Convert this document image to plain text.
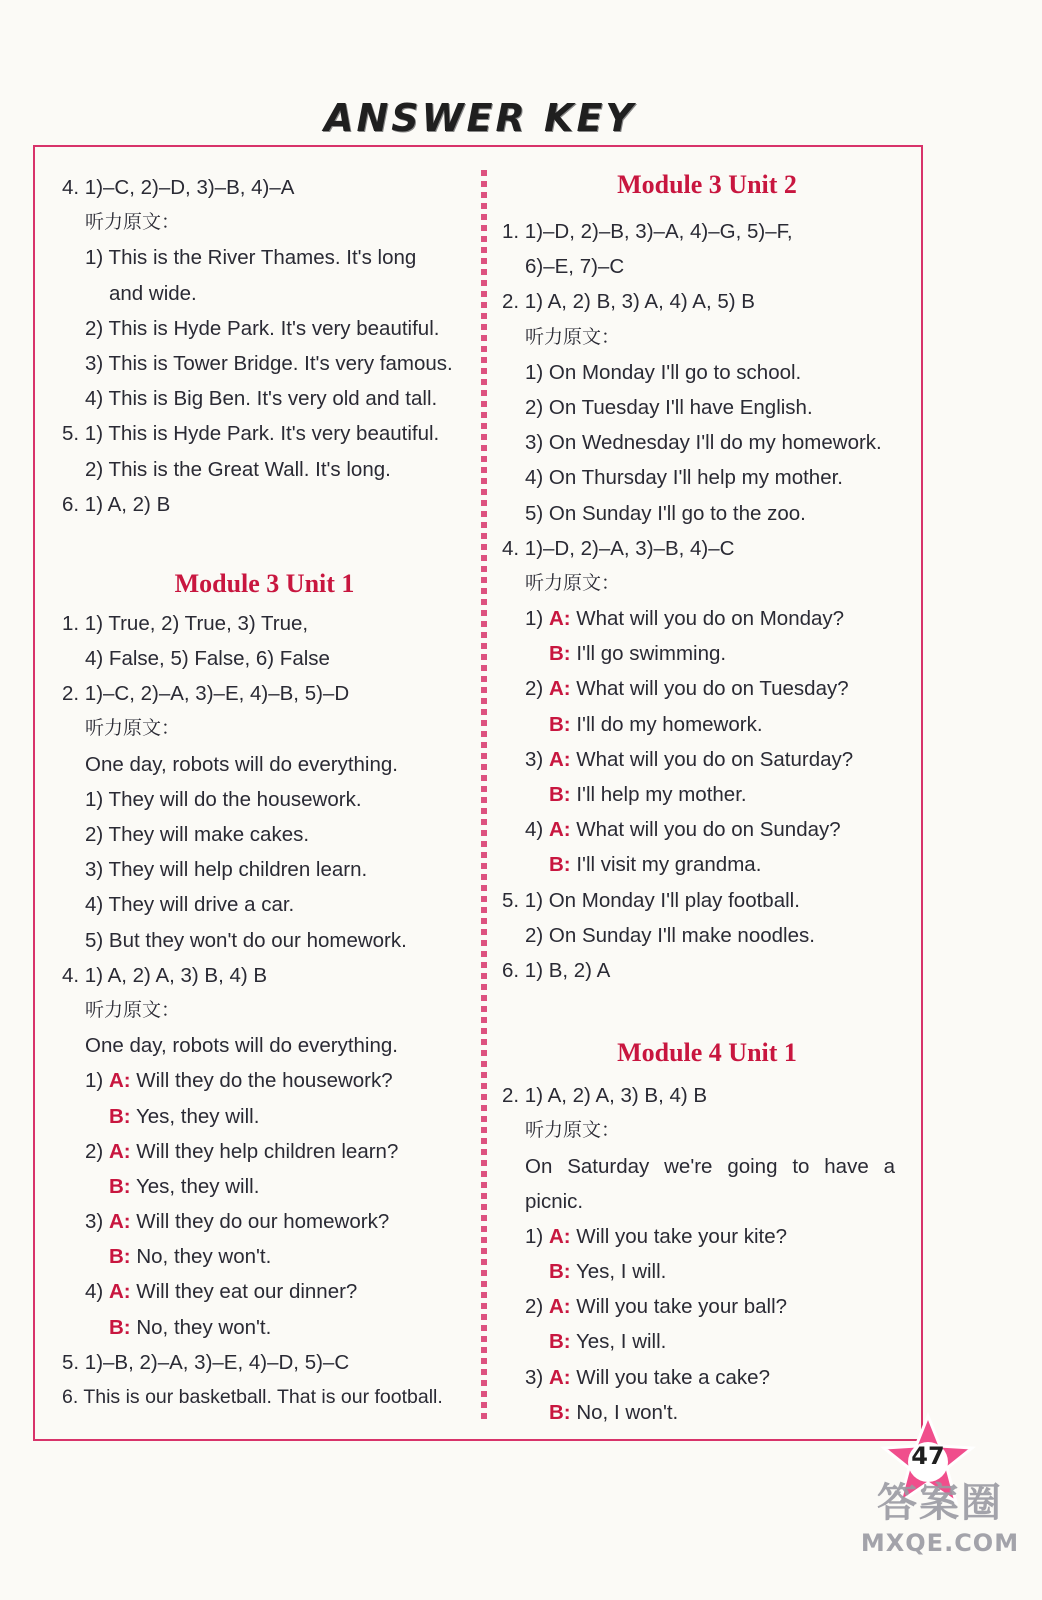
ANSWER KEY
4. 1)–C, 2)–D, 3)–B, 4)–A
听力原文：
1) This is the River Thames. It's long
and wide.
2) This is Hyde Park. It's very beautiful.
3) This is Tower Bridge. It's very famous.
4) This is Big Ben. It's very old and tall.
5. 1) This is Hyde Park. It's very beautiful.
2) This is the Great Wall. It's long.
6. 1) A, 2) B
Module 3 Unit 1
1. 1) True, 2) True, 3) True,
4) False, 5) False, 6) False
2. 1)–C, 2)–A, 3)–E, 4)–B, 5)–D
听力原文：
One day, robots will do everything.
1) They will do the housework.
2) They will make cakes.
3) They will help children learn.
4) They will drive a car.
5) But they won't do our homework.
4. 1) A, 2) A, 3) B, 4) B
听力原文：
One day, robots will do everything.
1) A: Will they do the housework?
B: Yes, they will.
2) A: Will they help children learn?
B: Yes, they will.
3) A: Will they do our homework?
B: No, they won't.
4) A: Will they eat our dinner?
B: No, they won't.
5. 1)–B, 2)–A, 3)–E, 4)–D, 5)–C
6. This is our basketball. That is our football.
Module 3 Unit 2
1. 1)–D, 2)–B, 3)–A, 4)–G, 5)–F,
6)–E, 7)–C
2. 1) A, 2) B, 3) A, 4) A, 5) B
听力原文：
1) On Monday I'll go to school.
2) On Tuesday I'll have English.
3) On Wednesday I'll do my homework.
4) On Thursday I'll help my mother.
5) On Sunday I'll go to the zoo.
4. 1)–D, 2)–A, 3)–B, 4)–C
听力原文：
1) A: What will you do on Monday?
B: I'll go swimming.
2) A: What will you do on Tuesday?
B: I'll do my homework.
3) A: What will you do on Saturday?
B: I'll help my mother.
4) A: What will you do on Sunday?
B: I'll visit my grandma.
5. 1) On Monday I'll play football.
2) On Sunday I'll make noodles.
6. 1) B, 2) A
Module 4 Unit 1
2. 1) A, 2) A, 3) B, 4) B
听力原文：
On Saturday we're going to have a
picnic.
1) A: Will you take your kite?
B: Yes, I will.
2) A: Will you take your ball?
B: Yes, I will.
3) A: Will you take a cake?
B: No, I won't.
47
答案圈
MXQE.COM
